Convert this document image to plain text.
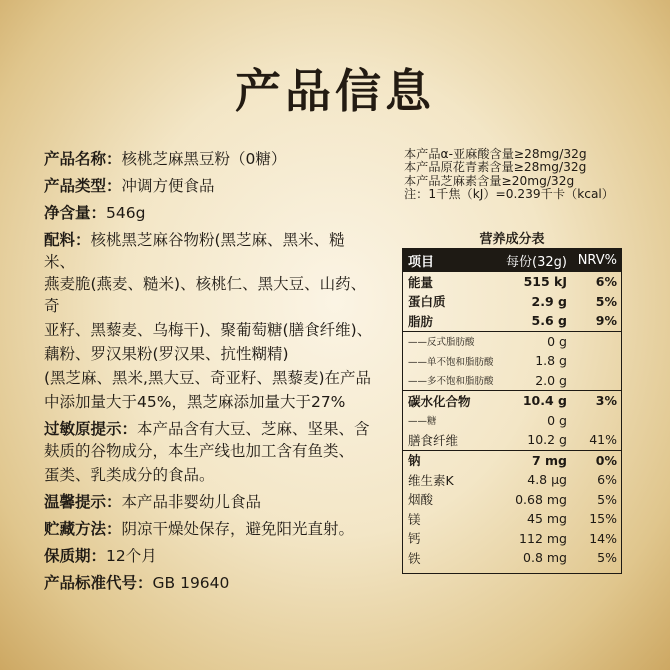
产品信息
产品名称：核桃芝麻黑豆粉（0糖）
产品类型：冲调方便食品
净含量：546g
配料：核桃黑芝麻谷物粉(黑芝麻、黑米、糙米、
燕麦脆(燕麦、糙米)、核桃仁、黑大豆、山药、奇
亚籽、黑藜麦、乌梅干)、聚葡萄糖(膳食纤维)、
藕粉、罗汉果粉(罗汉果、抗性糊精)
(黑芝麻、黑米,黑大豆、奇亚籽、黑藜麦)在产品
中添加量大于45%，黑芝麻添加量大于27%
过敏原提示：本产品含有大豆、芝麻、坚果、含
麸质的谷物成分，本生产线也加工含有鱼类、
蛋类、乳类成分的食品。
温馨提示：本产品非婴幼儿食品
贮藏方法：阴凉干燥处保存，避免阳光直射。
保质期：12个月
产品标准代号：GB 19640
本产品α-亚麻酸含量≥28mg/32g
本产品原花青素含量≥28mg/32g
本产品芝麻素含量≥20mg/32g
注：1千焦（kJ）=0.239千卡（kcal）
营养成分表
项目	每份(32g) NRV%
能量	515 kJ	6%
蛋白质	2.9 g	5%
脂肪	5.6 g	9%
——反式脂肪酸	0 g
——单不饱和脂肪酸	1.8 g
——多不饱和脂肪酸	2.0 g
碳水化合物	10.4 g	3%
——糖	0 g
膳食纤维	10.2 g	41%
钠	7 mg	0%
维生素K	4.8 μg	6%
烟酸	0.68 mg	5%
镁	45 mg	15%
钙	112 mg	14%
铁	0.8 mg	5%
